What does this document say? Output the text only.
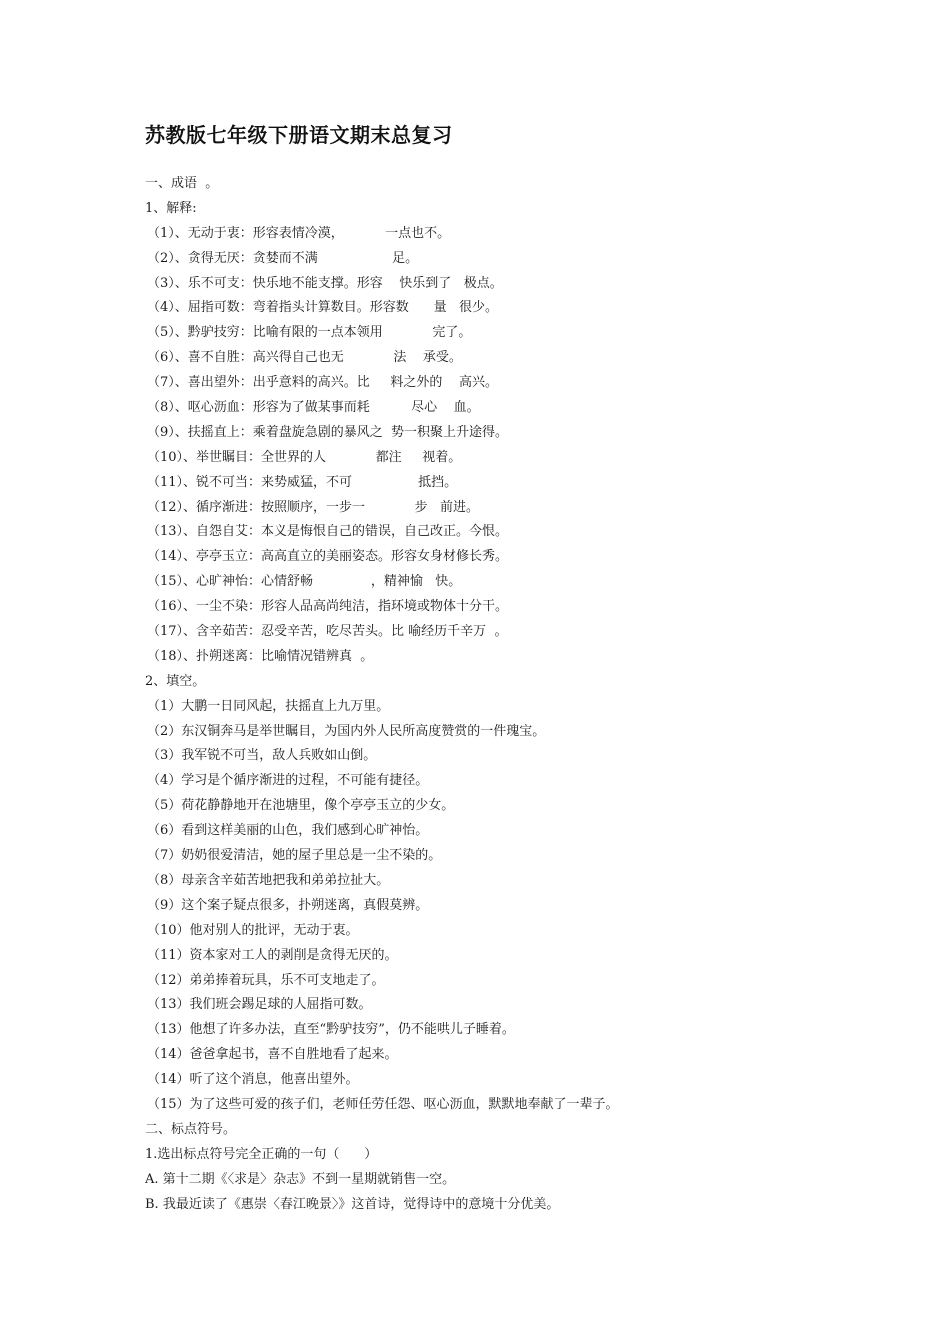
苏教版七年级下册语文期末总复习
一、成语  。
1、解释:
（1）、无动于衷：形容表情冷漠，          一点也不。
（2）、贪得无厌：贪婪而不满                  足。
（3）、乐不可支：快乐地不能支撑。形容    快乐到了   极点。
（4）、屈指可数：弯着指头计算数目。形容数      量   很少。
（5）、黔驴技穷：比喻有限的一点本领用            完了。
（6）、喜不自胜：高兴得自己也无            法    承受。
（7）、喜出望外：出乎意料的高兴。比     料之外的    高兴。
（8）、呕心沥血：形容为了做某事而耗          尽心    血。
（9）、扶摇直上：乘着盘旋急剧的暴风之  势一积聚上升途得。
（10）、举世瞩目：全世界的人            都注     视着。
（11）、锐不可当：来势威猛，不可                抵挡。
（12）、循序渐进：按照顺序，一步一            步   前进。
（13）、自怨自艾：本义是悔恨自己的错误，自己改正。今恨。
（14）、亭亭玉立：高高直立的美丽姿态。形容女身材修长秀。
（15）、心旷神怡：心情舒畅              ，精神愉   快。
（16）、一尘不染：形容人品高尚纯洁，指环境或物体十分干。
（17）、含辛茹苦：忍受辛苦，吃尽苦头。比 喻经历千辛万  。
（18）、扑朔迷离：比喻情况错辨真  。
2、填空。
（1）大鹏一日同风起，扶摇直上九万里。
（2）东汉铜奔马是举世瞩目，为国内外人民所高度赞赏的一件瑰宝。
（3）我军锐不可当，敌人兵败如山倒。
（4）学习是个循序渐进的过程，不可能有捷径。
（5）荷花静静地开在池塘里，像个亭亭玉立的少女。
（6）看到这样美丽的山色，我们感到心旷神怡。
（7）奶奶很爱清洁，她的屋子里总是一尘不染的。
（8）母亲含辛茹苦地把我和弟弟拉扯大。
（9）这个案子疑点很多，扑朔迷离，真假莫辨。
（10）他对别人的批评，无动于衷。
（11）资本家对工人的剥削是贪得无厌的。
（12）弟弟捧着玩具，乐不可支地走了。
（13）我们班会踢足球的人屈指可数。
（13）他想了许多办法，直至“黔驴技穷”，仍不能哄儿子睡着。
（14）爸爸拿起书，喜不自胜地看了起来。
（14）听了这个消息，他喜出望外。
（15）为了这些可爱的孩子们，老师任劳任怨、呕心沥血，默默地奉献了一辈子。
二、标点符号。
1.选出标点符号完全正确的一句（      ）
A. 第十二期《〈求是〉杂志》不到一星期就销售一空。
B. 我最近读了《惠崇〈春江晚景〉》这首诗，觉得诗中的意境十分优美。
